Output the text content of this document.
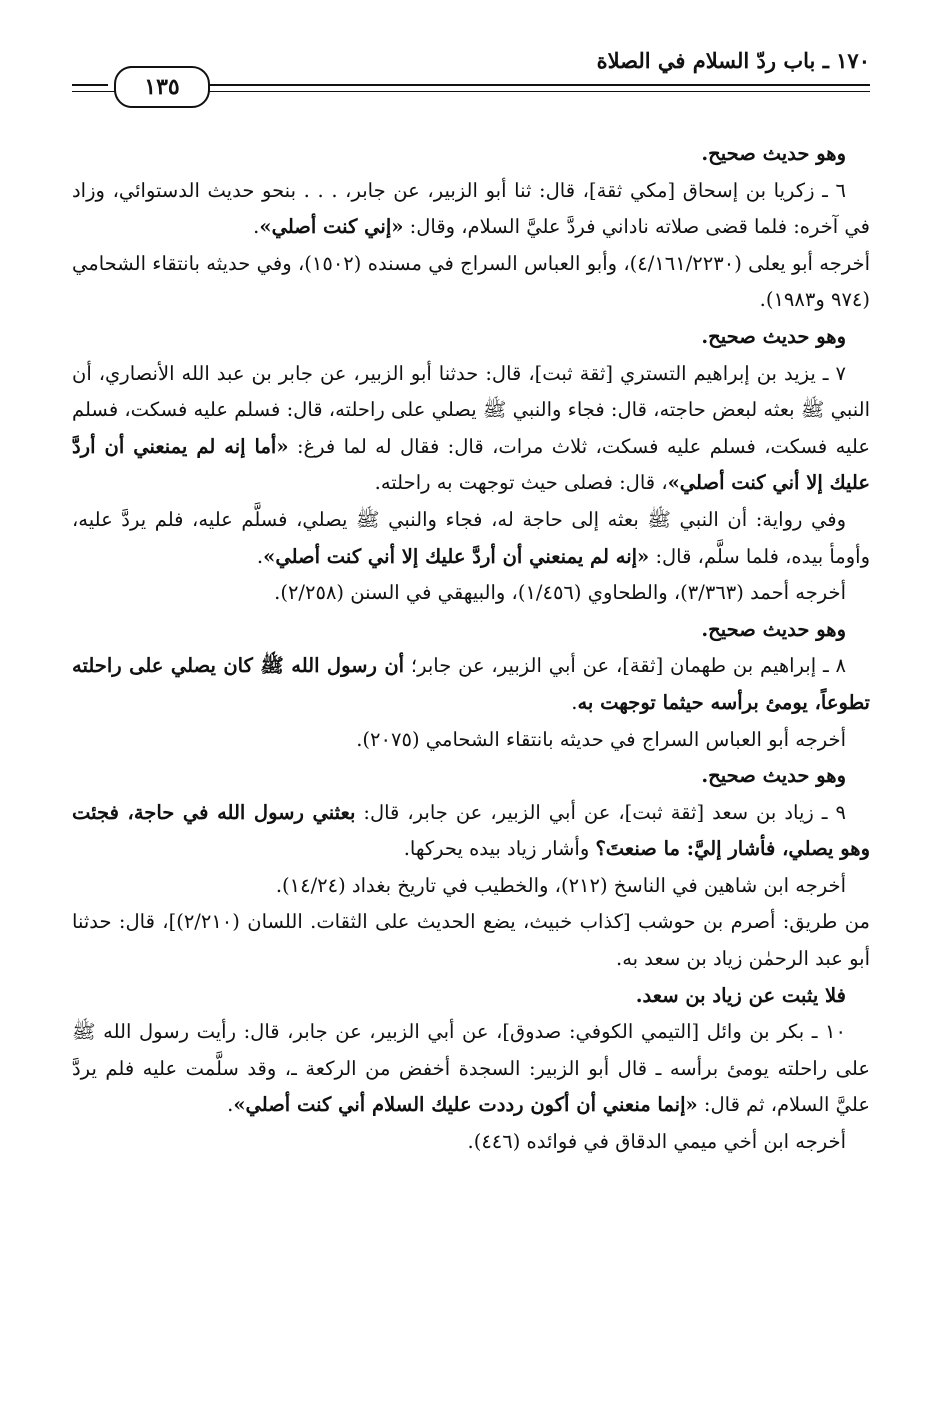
١٧٠ ـ باب ردّ السلام في الصلاة
١٣٥

وهو حديث صحيح.

٦ ـ زكريا بن إسحاق [مكي ثقة]، قال: ثنا أبو الزبير، عن جابر، . . . بنحو حديث الدستوائي، وزاد في آخره: فلما قضى صلاته ناداني فردَّ عليَّ السلام، وقال: «إني كنت أصلي».

أخرجه أبو يعلى (٤/١٦١/٢٢٣٠)، وأبو العباس السراج في مسنده (١٥٠٢)، وفي حديثه بانتقاء الشحامي (٩٧٤ و١٩٨٣).

وهو حديث صحيح.

٧ ـ يزيد بن إبراهيم التستري [ثقة ثبت]، قال: حدثنا أبو الزبير، عن جابر بن عبد الله الأنصاري، أن النبي ﷺ بعثه لبعض حاجته، قال: فجاء والنبي ﷺ يصلي على راحلته، قال: فسلم عليه فسكت، فسلم عليه فسكت، فسلم عليه فسكت، ثلاث مرات، قال: فقال له لما فرغ: «أما إنه لم يمنعني أن أردَّ عليك إلا أني كنت أصلي»، قال: فصلى حيث توجهت به راحلته.

وفي رواية: أن النبي ﷺ بعثه إلى حاجة له، فجاء والنبي ﷺ يصلي، فسلَّم عليه، فلم يردَّ عليه، وأومأ بيده، فلما سلَّم، قال: «إنه لم يمنعني أن أردَّ عليك إلا أني كنت أصلي».

أخرجه أحمد (٣/٣٦٣)، والطحاوي (١/٤٥٦)، والبيهقي في السنن (٢/٢٥٨).

وهو حديث صحيح.

٨ ـ إبراهيم بن طهمان [ثقة]، عن أبي الزبير، عن جابر؛ أن رسول الله ﷺ كان يصلي على راحلته تطوعاً، يومئ برأسه حيثما توجهت به.

أخرجه أبو العباس السراج في حديثه بانتقاء الشحامي (٢٠٧٥).

وهو حديث صحيح.

٩ ـ زياد بن سعد [ثقة ثبت]، عن أبي الزبير، عن جابر، قال: بعثني رسول الله في حاجة، فجئت وهو يصلي، فأشار إليَّ: ما صنعتَ؟ وأشار زياد بيده يحركها.

أخرجه ابن شاهين في الناسخ (٢١٢)، والخطيب في تاريخ بغداد (١٤/٢٤).

من طريق: أصرم بن حوشب [كذاب خبيث، يضع الحديث على الثقات. اللسان (٢/٢١٠)]، قال: حدثنا أبو عبد الرحمٰن زياد بن سعد به.

فلا يثبت عن زياد بن سعد.

١٠ ـ بكر بن وائل [التيمي الكوفي: صدوق]، عن أبي الزبير، عن جابر، قال: رأيت رسول الله ﷺ على راحلته يومئ برأسه ـ قال أبو الزبير: السجدة أخفض من الركعة ـ، وقد سلَّمت عليه فلم يردَّ عليَّ السلام، ثم قال: «إنما منعني أن أكون رددت عليك السلام أني كنت أصلي».

أخرجه ابن أخي ميمي الدقاق في فوائده (٤٤٦).
